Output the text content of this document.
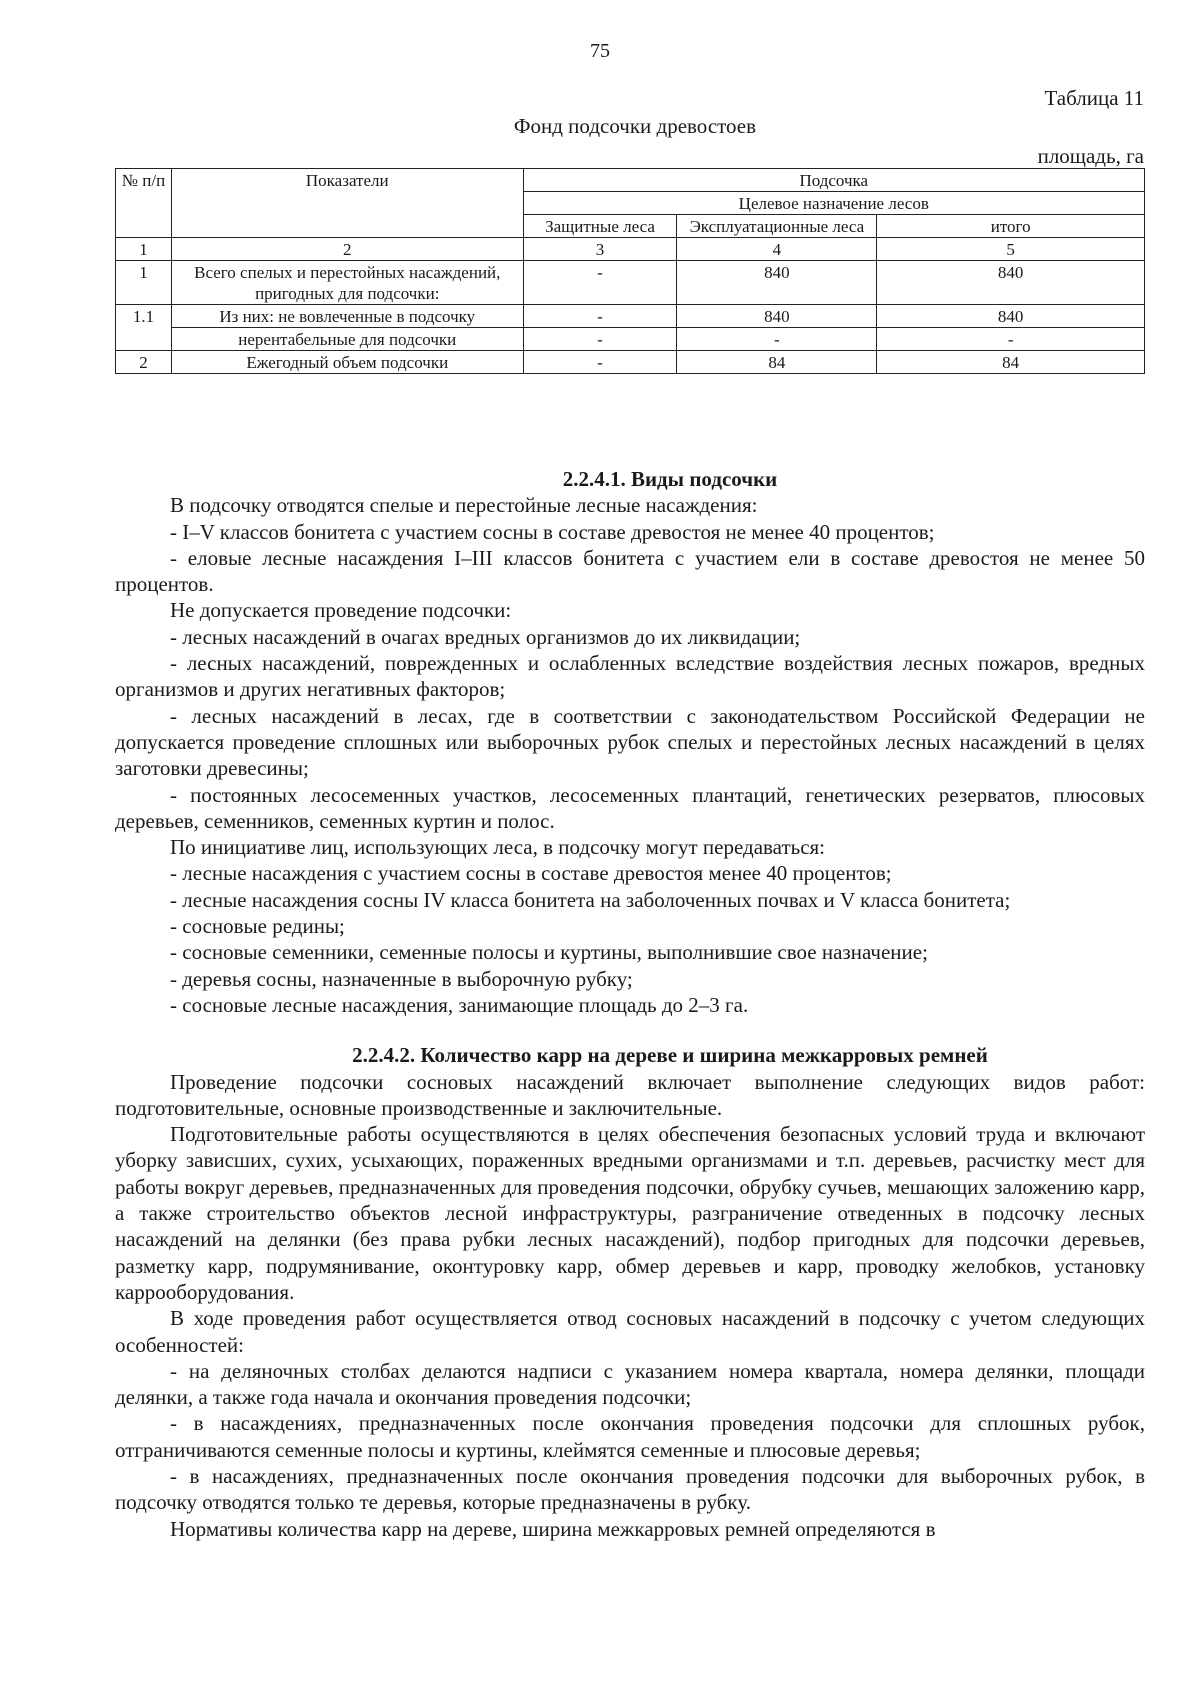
75
Таблица 11
Фонд подсочки древостоев
площадь, га
№ п/п	Показатели	Подсочка		
		Целевое назначение лесов		
		Защитные леса	Эксплуатационные леса	итого
1	2	3	4	5
1	Всего спелых и перестойных насаждений, пригодных для подсочки:	-	840	840
1.1	Из них: не вовлеченные в подсочку	-	840	840
	нерентабельные для подсочки	-	-	-
2	Ежегодный объем подсочки	-	84	84
2.2.4.1. Виды подсочки

В подсочку отводятся спелые и перестойные лесные насаждения:

- I–V классов бонитета с участием сосны в составе древостоя не менее 40 процентов;

- еловые лесные насаждения I–III классов бонитета с участием ели в составе древостоя не менее 50 процентов.

Не допускается проведение подсочки:

- лесных насаждений в очагах вредных организмов до их ликвидации;

- лесных насаждений, поврежденных и ослабленных вследствие воздействия лесных пожаров, вредных организмов и других негативных факторов;

- лесных насаждений в лесах, где в соответствии с законодательством Российской Федерации не допускается проведение сплошных или выборочных рубок спелых и перестойных лесных насаждений в целях заготовки древесины;

- постоянных лесосеменных участков, лесосеменных плантаций, генетических резерватов, плюсовых деревьев, семенников, семенных куртин и полос.

По инициативе лиц, использующих леса, в подсочку могут передаваться:

- лесные насаждения с участием сосны в составе древостоя менее 40 процентов;

- лесные насаждения сосны IV класса бонитета на заболоченных почвах и V класса бонитета;

- сосновые редины;

- сосновые семенники, семенные полосы и куртины, выполнившие свое назначение;

- деревья сосны, назначенные в выборочную рубку;

- сосновые лесные насаждения, занимающие площадь до 2–3 га.

2.2.4.2. Количество карр на дереве и ширина межкарровых ремней

Проведение подсочки сосновых насаждений включает выполнение следующих видов работ: подготовительные, основные производственные и заключительные.

Подготовительные работы осуществляются в целях обеспечения безопасных условий труда и включают уборку зависших, сухих, усыхающих, пораженных вредными организмами и т.п. деревьев, расчистку мест для работы вокруг деревьев, предназначенных для проведения подсочки, обрубку сучьев, мешающих заложению карр, а также строительство объектов лесной инфраструктуры, разграничение отведенных в подсочку лесных насаждений на делянки (без права рубки лесных насаждений), подбор пригодных для подсочки деревьев, разметку карр, подрумянивание, оконтуровку карр, обмер деревьев и карр, проводку желобков, установку каррооборудования.

В ходе проведения работ осуществляется отвод сосновых насаждений в подсочку с учетом следующих особенностей:

- на деляночных столбах делаются надписи с указанием номера квартала, номера делянки, площади делянки, а также года начала и окончания проведения подсочки;

- в насаждениях, предназначенных после окончания проведения подсочки для сплошных рубок, отграничиваются семенные полосы и куртины, клеймятся семенные и плюсовые деревья;

- в насаждениях, предназначенных после окончания проведения подсочки для выборочных рубок, в подсочку отводятся только те деревья, которые предназначены в рубку.

Нормативы количества карр на дереве, ширина межкарровых ремней определяются в
